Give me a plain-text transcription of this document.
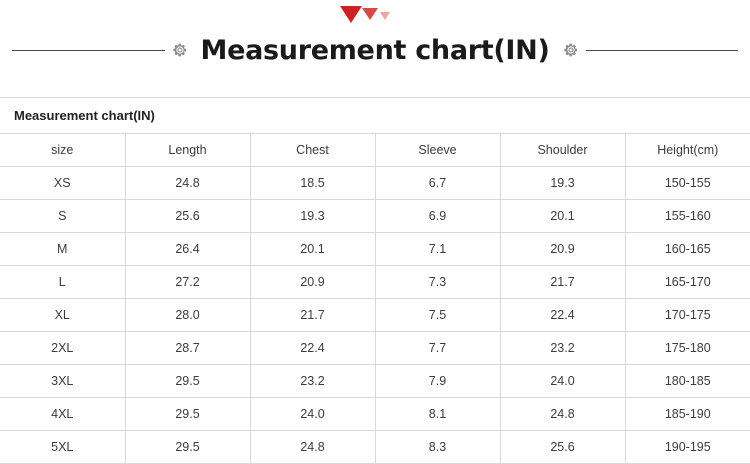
Measurement chart(IN)
Measurement chart(IN)					
size	Length	Chest	Sleeve	Shoulder	Height(cm)
XS	24.8	18.5	6.7	19.3	150-155
S	25.6	19.3	6.9	20.1	155-160
M	26.4	20.1	7.1	20.9	160-165
L	27.2	20.9	7.3	21.7	165-170
XL	28.0	21.7	7.5	22.4	170-175
2XL	28.7	22.4	7.7	23.2	175-180
3XL	29.5	23.2	7.9	24.0	180-185
4XL	29.5	24.0	8.1	24.8	185-190
5XL	29.5	24.8	8.3	25.6	190-195
